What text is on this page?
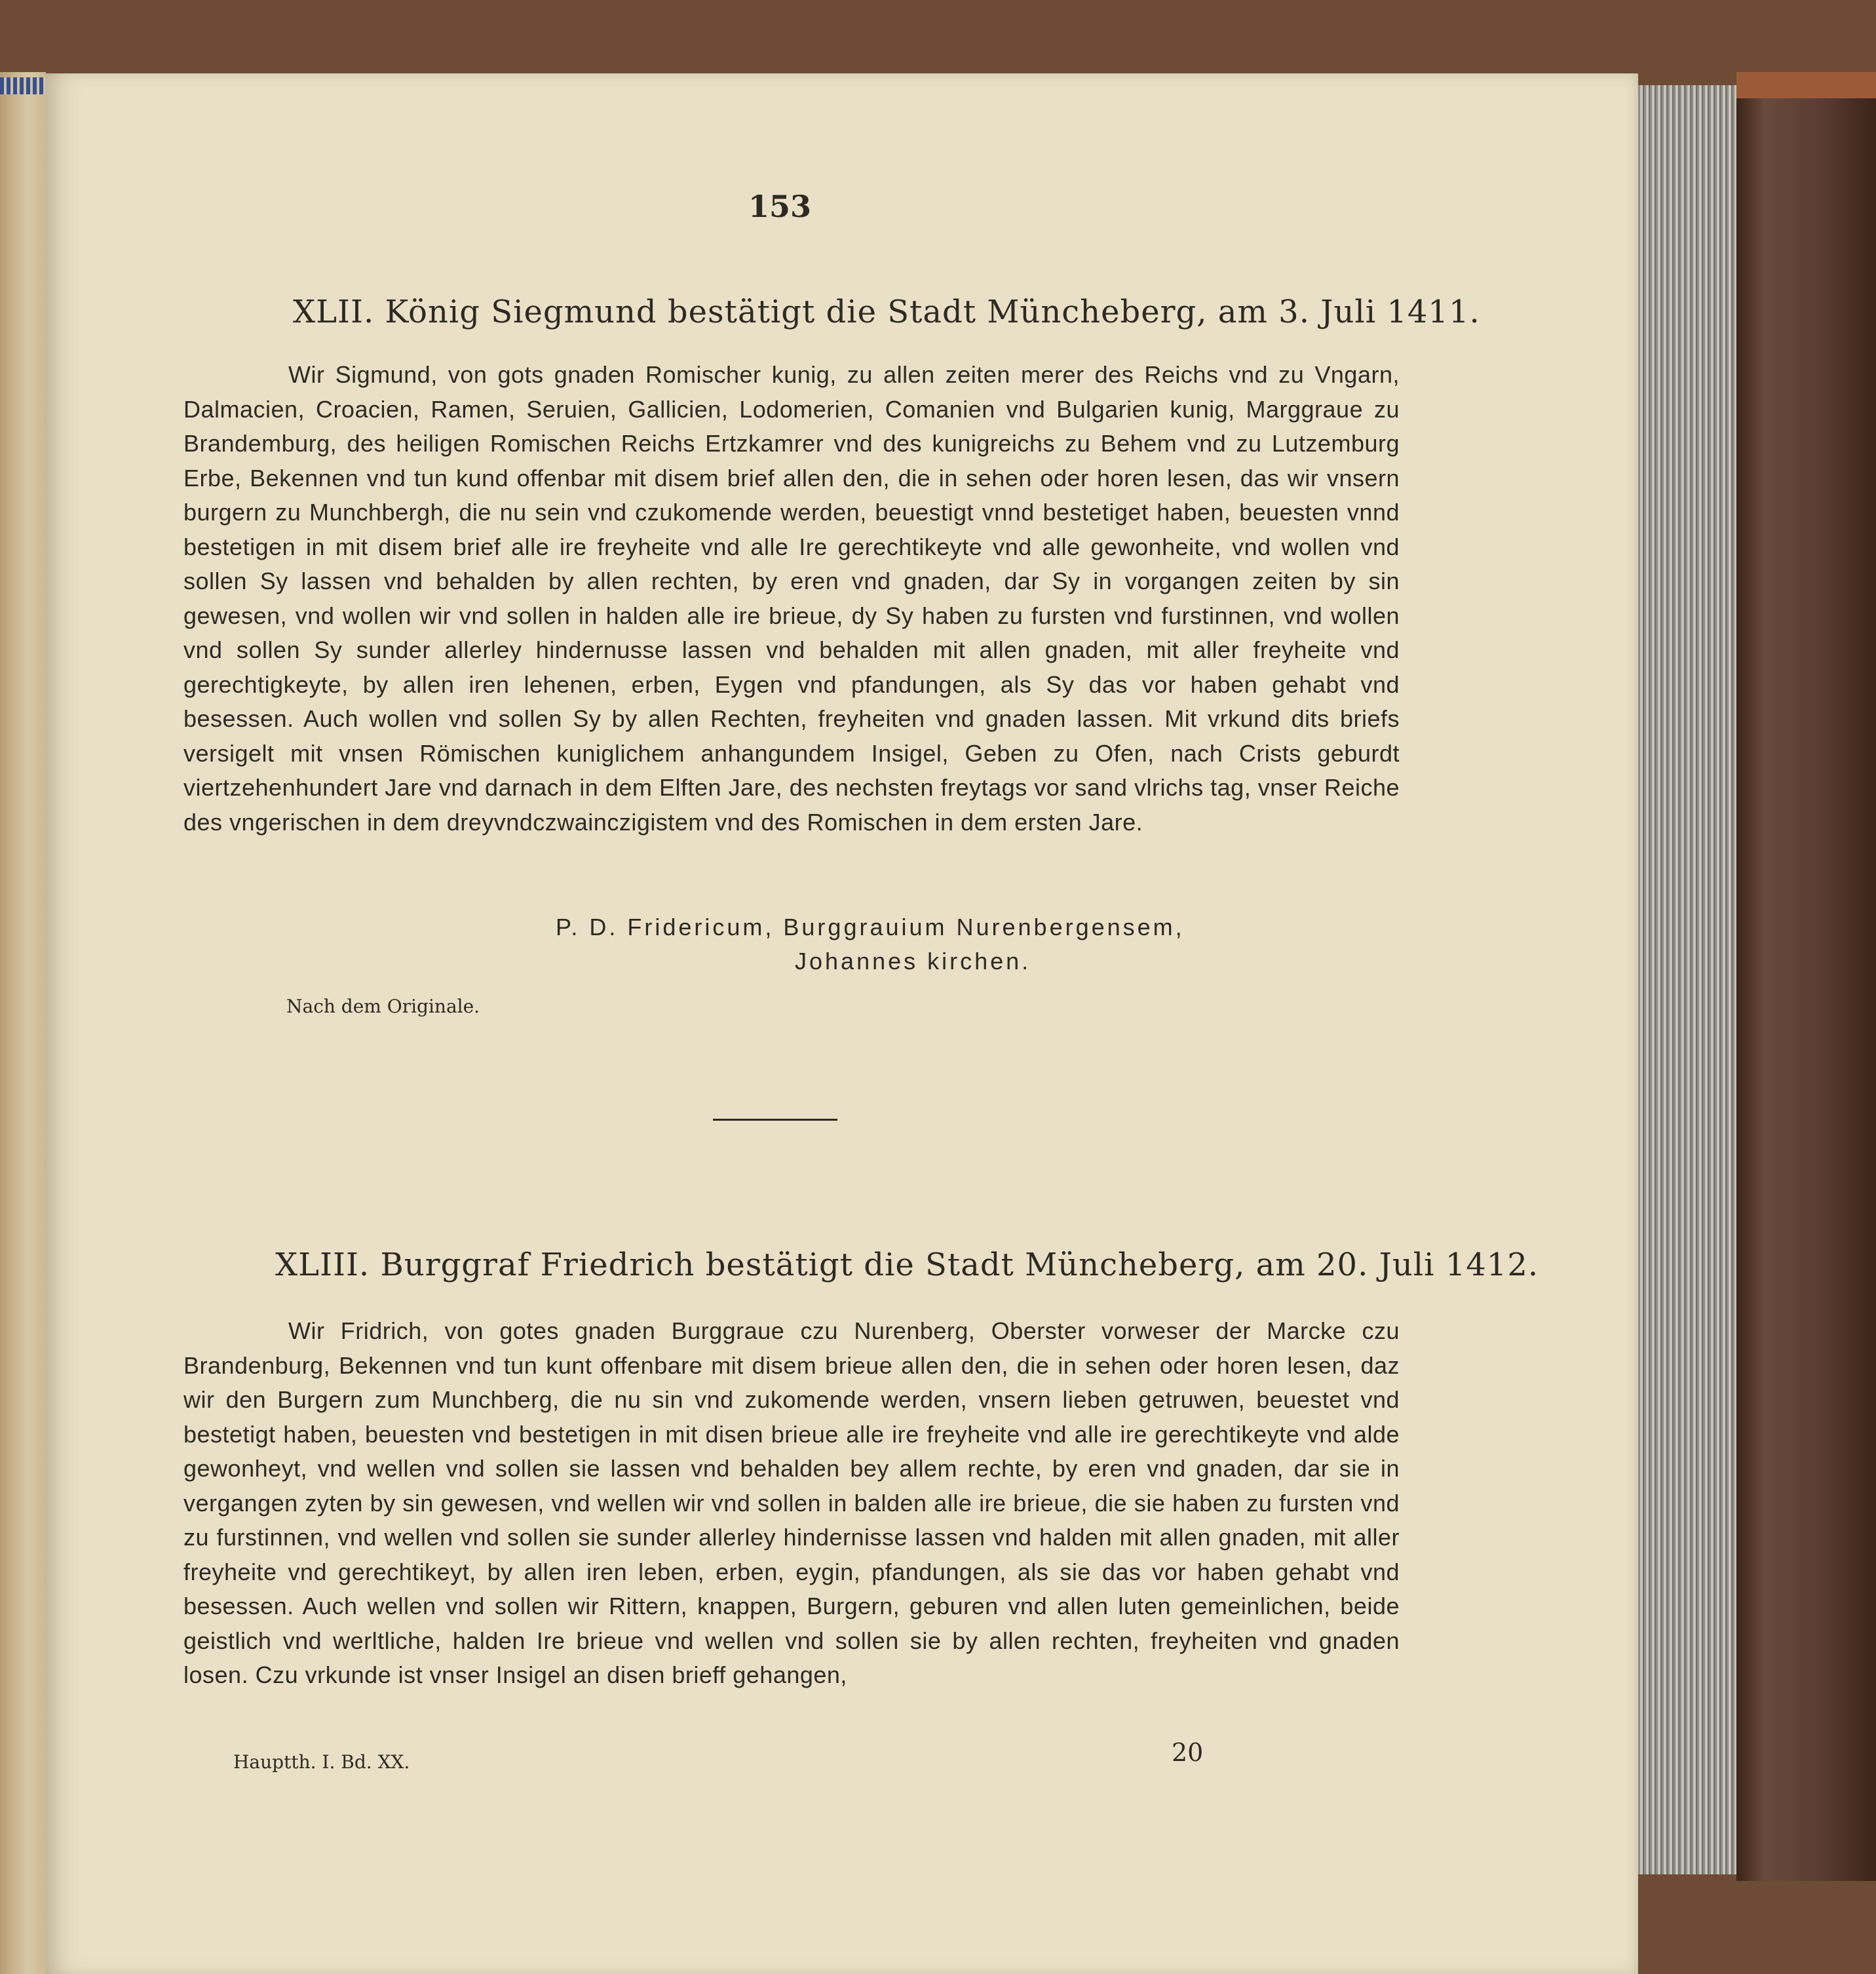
153
XLII. König Siegmund bestätigt die Stadt Müncheberg, am 3. Juli 1411.
Wir Sigmund, von gots gnaden Romischer kunig, zu allen zeiten merer des Reichs vnd zu Vngarn, Dalmacien, Croacien, Ramen, Seruien, Gallicien, Lodomerien, Comanien vnd Bulgarien kunig, Marggraue zu Brandemburg, des heiligen Romischen Reichs Ertzkamrer vnd des kunigreichs zu Behem vnd zu Lutzemburg Erbe, Bekennen vnd tun kund offenbar mit disem brief allen den, die in sehen oder horen lesen, das wir vnsern burgern zu Munchbergh, die nu sein vnd czukomende werden, beuestigt vnnd bestetiget haben, beuesten vnnd bestetigen in mit disem brief alle ire freyheite vnd alle Ire gerechtikeyte vnd alle gewonheite, vnd wollen vnd sollen Sy lassen vnd behalden by allen rechten, by eren vnd gnaden, dar Sy in vorgangen zeiten by sin gewesen, vnd wollen wir vnd sollen in halden alle ire brieue, dy Sy haben zu fursten vnd furstinnen, vnd wollen vnd sollen Sy sunder allerley hindernusse lassen vnd behalden mit allen gnaden, mit aller freyheite vnd gerechtigkeyte, by allen iren lehenen, erben, Eygen vnd pfandungen, als Sy das vor haben gehabt vnd besessen. Auch wollen vnd sollen Sy by allen Rechten, freyheiten vnd gnaden lassen. Mit vrkund dits briefs versigelt mit vnsen Römischen kuniglichem anhangundem Insigel, Geben zu Ofen, nach Crists geburdt viertzehenhundert Jare vnd darnach in dem Elften Jare, des nechsten freytags vor sand vlrichs tag, vnser Reiche des vngerischen in dem dreyvndczwainczigistem vnd des Romischen in dem ersten Jare.
P. D. Fridericum, Burggrauium Nurenbergensem,
Johannes kirchen.
Nach dem Originale.
XLIII. Burggraf Friedrich bestätigt die Stadt Müncheberg, am 20. Juli 1412.
Wir Fridrich, von gotes gnaden Burggraue czu Nurenberg, Oberster vorweser der Marcke czu Brandenburg, Bekennen vnd tun kunt offenbare mit disem brieue allen den, die in sehen oder horen lesen, daz wir den Burgern zum Munchberg, die nu sin vnd zukomende werden, vnsern lieben getruwen, beuestet vnd bestetigt haben, beuesten vnd bestetigen in mit disen brieue alle ire freyheite vnd alle ire gerechtikeyte vnd alde gewonheyt, vnd wellen vnd sollen sie lassen vnd behalden bey allem rechte, by eren vnd gnaden, dar sie in vergangen zyten by sin gewesen, vnd wellen wir vnd sollen in balden alle ire brieue, die sie haben zu fursten vnd zu furstinnen, vnd wellen vnd sollen sie sunder allerley hindernisse lassen vnd halden mit allen gnaden, mit aller freyheite vnd gerechtikeyt, by allen iren leben, erben, eygin, pfandungen, als sie das vor haben gehabt vnd besessen. Auch wellen vnd sollen wir Rittern, knappen, Burgern, geburen vnd allen luten gemeinlichen, beide geistlich vnd werltliche, halden Ire brieue vnd wellen vnd sollen sie by allen rechten, freyheiten vnd gnaden losen. Czu vrkunde ist vnser Insigel an disen brieff gehangen,
Hauptth. I. Bd. XX.	20
